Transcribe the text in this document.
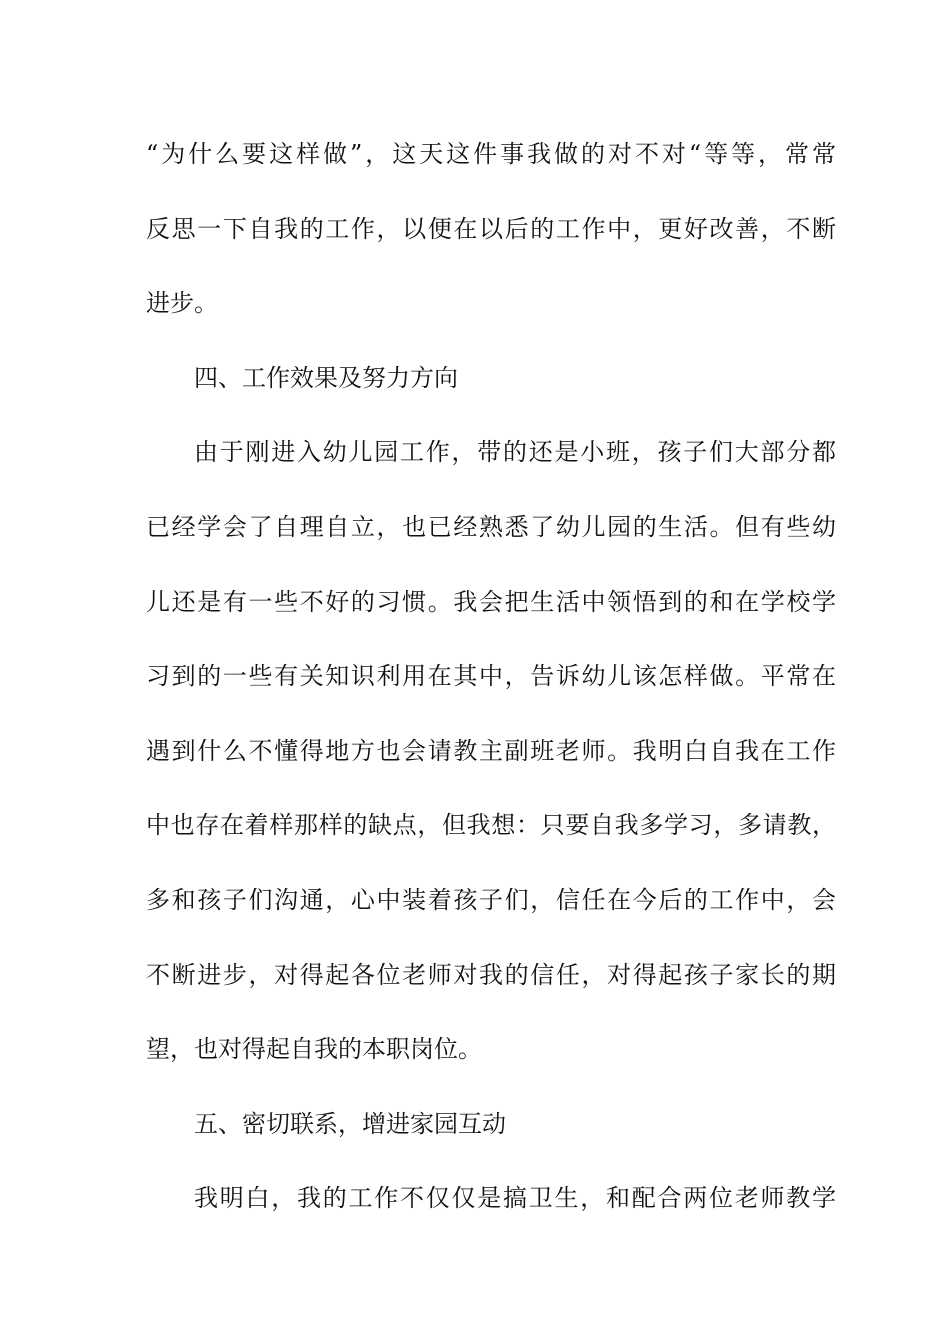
“为什么要这样做”，这天这件事我做的对不对“等等，常常
反思一下自我的工作，以便在以后的工作中，更好改善，不断
进步。
四、工作效果及努力方向
由于刚进入幼儿园工作，带的还是小班，孩子们大部分都
已经学会了自理自立，也已经熟悉了幼儿园的生活。但有些幼
儿还是有一些不好的习惯。我会把生活中领悟到的和在学校学
习到的一些有关知识利用在其中，告诉幼儿该怎样做。平常在
遇到什么不懂得地方也会请教主副班老师。我明白自我在工作
中也存在着样那样的缺点，但我想：只要自我多学习，多请教，
多和孩子们沟通，心中装着孩子们，信任在今后的工作中，会
不断进步，对得起各位老师对我的信任，对得起孩子家长的期
望，也对得起自我的本职岗位。
五、密切联系，增进家园互动
我明白，我的工作不仅仅是搞卫生，和配合两位老师教学
